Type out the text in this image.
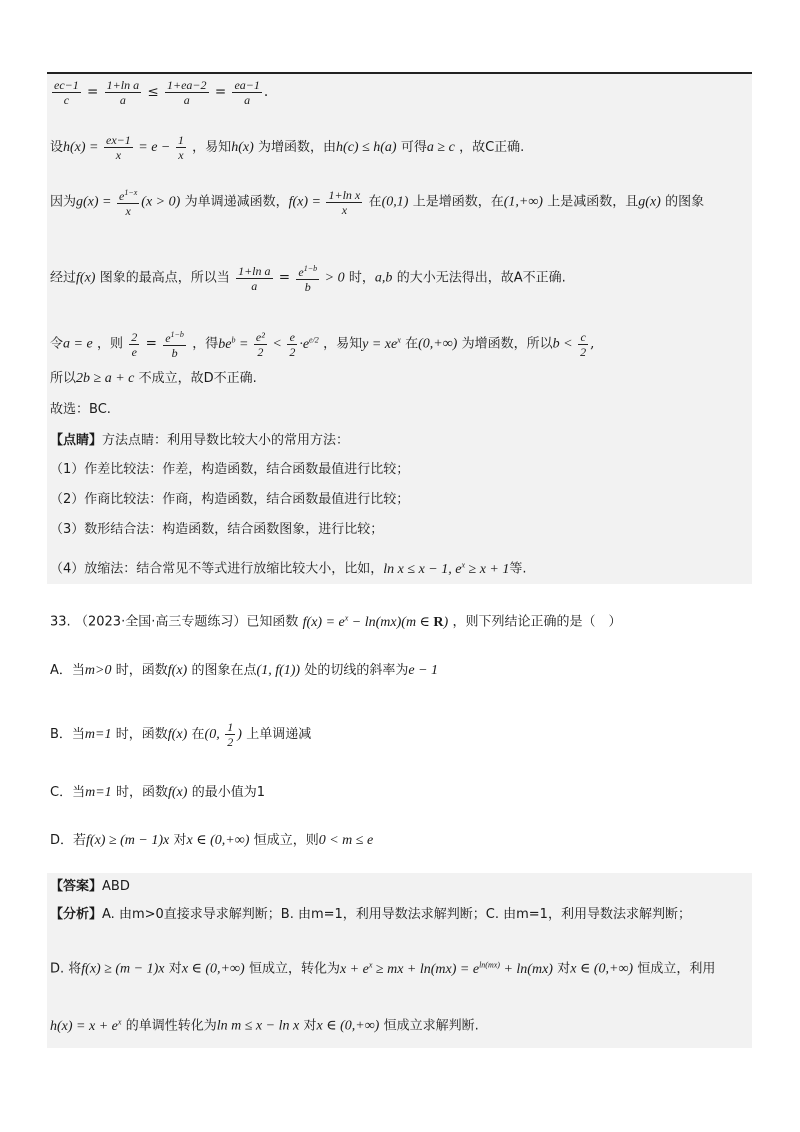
$\frac{ec-1}{c} = \frac{\text{1+ln a}}{a} \le \frac{1+ea-2}{a} = \frac{ea-1}{a}$ .
设$h(x) = \frac{ex-1}{x} = e - \frac{1}{x}$ ，易知h(x) 为增函数，由h(c) ≤ h(a) 可得a ≥ c ，故C正确.
因为$g(x) = \frac{e^{1-x}}{x} (x > 0)$ 为单调递减函数，$f(x) = \frac{\text{1+ln x}}{x}$ 在(0,1) 上是增函数，在(1,+∞) 上是减函数，且g(x) 的图象
经过f(x) 图象的最高点，所以当 $\frac{\text{1+ln a}}{a} = \frac{e^{1-b}}{b} > 0$ 时，a,b 的大小无法得出，故A不正确.
令a = e ，则 $\frac{2}{e} = \frac{e^{1-b}}{b}$ ，得$be^b = \frac{\text{e²}}{2} < \frac{e}{2} \cdot e^{e/2}$ ，易知$y = xe^x$ 在(0,+∞) 为增函数，所以$b < \frac{c}{2}$ ,
所以2b ≥ a + c 不成立，故D不正确.
故选：BC.
【点睛】方法点睛：利用导数比较大小的常用方法：
（1）作差比较法：作差，构造函数，结合函数最值进行比较；
（2）作商比较法：作商，构造函数，结合函数最值进行比较；
（3）数形结合法：构造函数，结合函数图象，进行比较；
（4）放缩法：结合常见不等式进行放缩比较大小，比如，ln x ≤ x − 1, $e^x \ge x + 1$等.
33. （2023·全国·高三专题练习）已知函数 $f(x) = e^x - \ln(mx)(m$ ∈ R) ，则下列结论正确的是（　）
A．当m>0 时，函数f(x) 的图象在点(1, f(1)) 处的切线的斜率为e − 1
B．当m=1 时，函数f(x) 在(0, $\frac{1}{2}$ ) 上单调递减
C．当m=1 时，函数f(x) 的最小值为1
D．若f(x) ≥ (m − 1)x 对x ∈ (0,+∞) 恒成立，则0 < m ≤ e
【答案】ABD
【分析】A. 由m>0直接求导求解判断；B. 由m=1，利用导数法求解判断；C. 由m=1，利用导数法求解判断；
D. 将f(x) ≥ (m − 1)x 对x ∈ (0,+∞) 恒成立，转化为$x + e^x$ ≥ mx + $\ln(mx) = e^{ln(mx)} + \ln(mx)$ 对x ∈ (0,+∞) 恒成立，利用
$h(x) = x + e^x$ 的单调性转化为ln m ≤ x − ln x 对x ∈ (0,+∞) 恒成立求解判断.
